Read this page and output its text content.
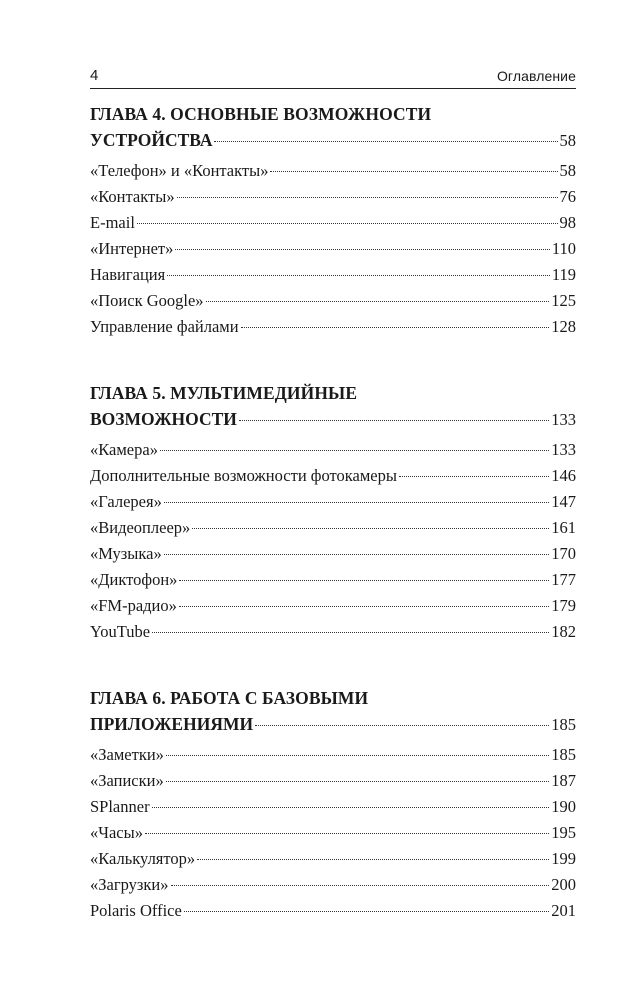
4	Оглавление
ГЛАВА 4. ОСНОВНЫЕ ВОЗМОЖНОСТИ
УСТРОЙСТВА	58
«Телефон» и «Контакты»	58
«Контакты»	76
E-mail	98
«Интернет»	110
Навигация	119
«Поиск Google»	125
Управление файлами	128
ГЛАВА 5. МУЛЬТИМЕДИЙНЫЕ
ВОЗМОЖНОСТИ	133
«Камера»	133
Дополнительные возможности фотокамеры	146
«Галерея»	147
«Видеоплеер»	161
«Музыка»	170
«Диктофон»	177
«FM-радио»	179
YouTube	182
ГЛАВА 6. РАБОТА С БАЗОВЫМИ
ПРИЛОЖЕНИЯМИ	185
«Заметки»	185
«Записки»	187
SPlanner	190
«Часы»	195
«Калькулятор»	199
«Загрузки»	200
Polaris Office	201
